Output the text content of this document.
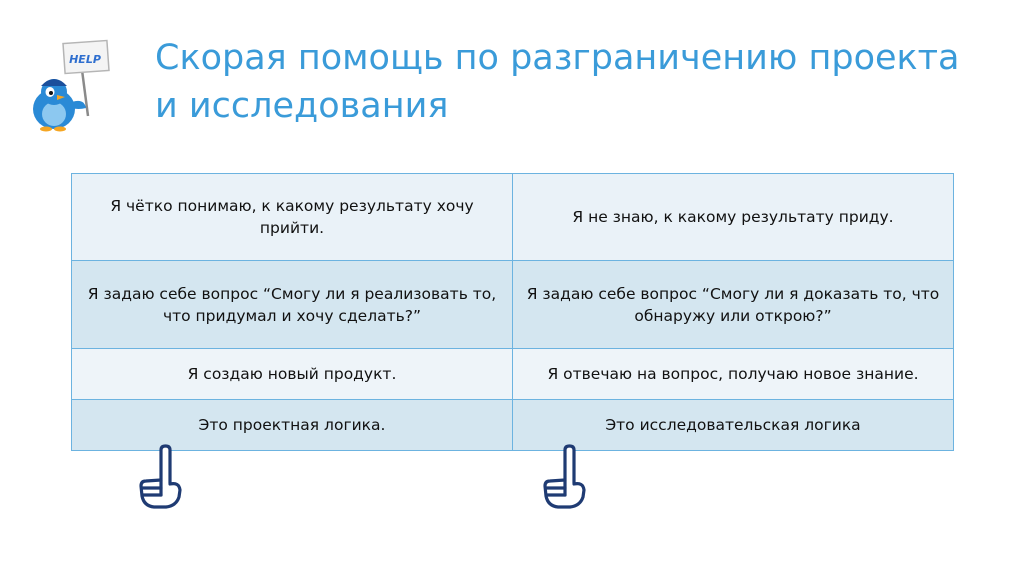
HELP Скорая помощь по разграничению проекта и исследования
Я чётко понимаю, к какому результату хочу прийти.	Я не знаю, к какому результату приду.
Я задаю себе вопрос “Смогу ли я реализовать то, что придумал и хочу сделать?”	Я задаю себе вопрос “Смогу ли я доказать то, что обнаружу или открою?”
Я создаю новый продукт.	Я отвечаю на вопрос, получаю новое знание.
Это проектная логика.	Это исследовательская логика
